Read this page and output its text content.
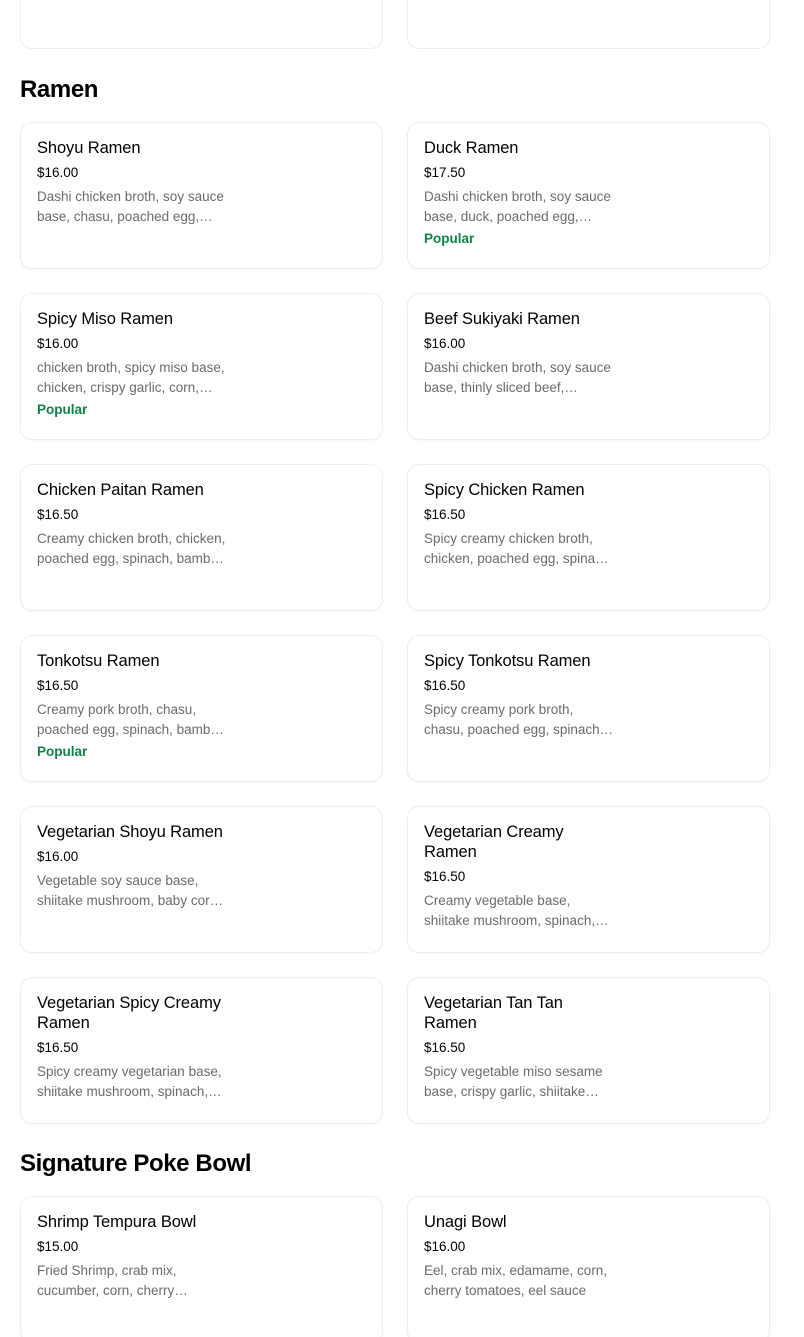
Ramen
Shoyu Ramen
$16.00
Dashi chicken broth, soy sauce base, chasu, poached egg,
Duck Ramen
$17.50
Dashi chicken broth, soy sauce base, duck, poached egg,
Popular
Spicy Miso Ramen
$16.00
chicken broth, spicy miso base, chicken, crispy garlic, corn,
Popular
Beef Sukiyaki Ramen
$16.00
Dashi chicken broth, soy sauce base, thinly sliced beef,
Chicken Paitan Ramen
$16.50
Creamy chicken broth, chicken, poached egg, spinach, bamboo
Spicy Chicken Ramen
$16.50
Spicy creamy chicken broth, chicken, poached egg, spinach,
Tonkotsu Ramen
$16.50
Creamy pork broth, chasu, poached egg, spinach, bamboo
Popular
Spicy Tonkotsu Ramen
$16.50
Spicy creamy pork broth, chasu, poached egg, spinach,
Vegetarian Shoyu Ramen
$16.00
Vegetable soy sauce base, shiitake mushroom, baby corn,
Vegetarian Creamy Ramen
$16.50
Creamy vegetable base, shiitake mushroom, spinach,
Vegetarian Spicy Creamy Ramen
$16.50
Spicy creamy vegetarian base, shiitake mushroom, spinach,
Vegetarian Tan Tan Ramen
$16.50
Spicy vegetable miso sesame base, crispy garlic, shiitake
Signature Poke Bowl
Shrimp Tempura Bowl
$15.00
Fried Shrimp, crab mix, cucumber, corn, cherry
Unagi Bowl
$16.00
Eel, crab mix, edamame, corn, cherry tomatoes, eel sauce
